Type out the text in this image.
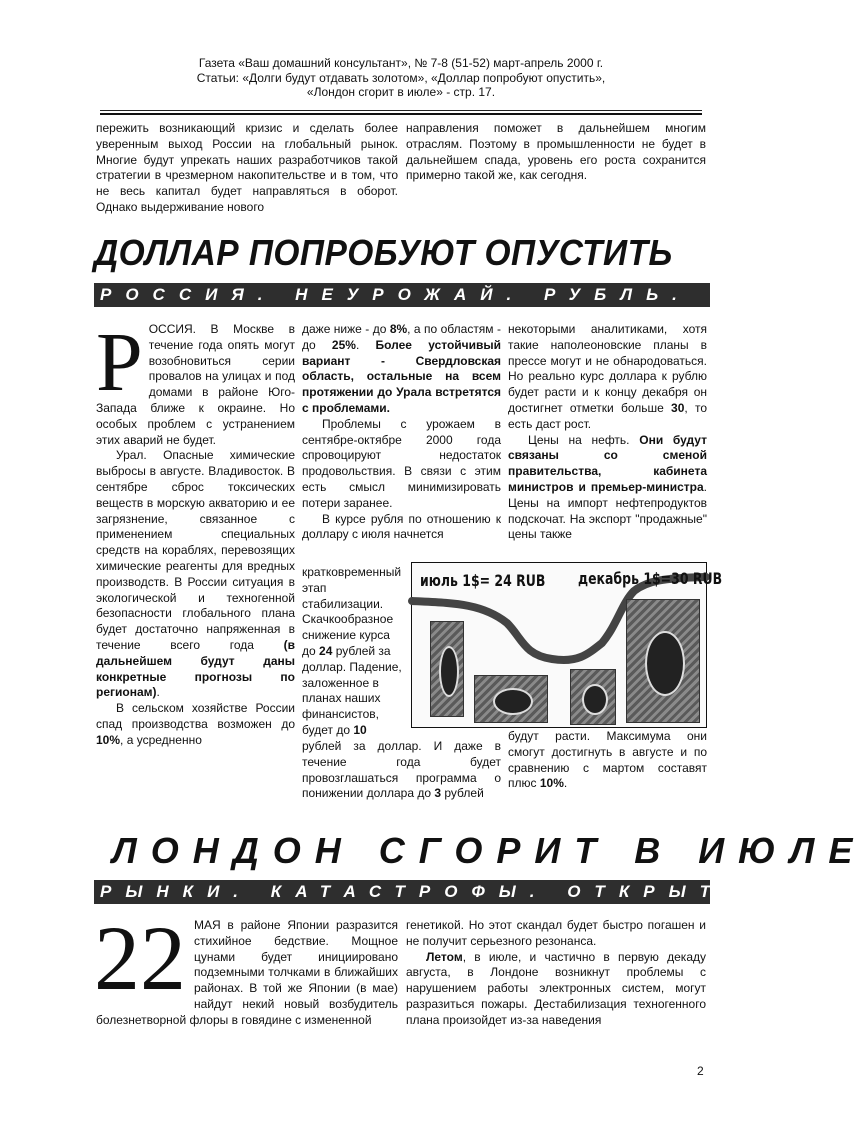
Газета «Ваш домашний консультант», № 7-8 (51-52) март-апрель 2000 г.
Статьи: «Долги будут отдавать золотом», «Доллар попробуют опустить»,
«Лондон сгорит в июле» - стр. 17.

пережить возникающий кризис и сделать более уверенным выход России на глобальный рынок. Многие будут упрекать наших разработчиков такой стратегии в чрезмерном накопительстве и в том, что не весь капитал будет направляться в оборот. Однако выдерживание нового

направления поможет в дальнейшем многим отраслям. Поэтому в промышленности не будет в дальнейшем спада, уровень его роста сохранится примерно такой же, как сегодня.

ДОЛЛАР ПОПРОБУЮТ ОПУСТИТЬ
РОССИЯ. НЕУРОЖАЙ. РУБЛЬ.

Р ОССИЯ. В Москве в течение года опять могут возобновиться серии провалов на улицах и под домами в районе Юго-Запада ближе к окраине. Но особых проблем с устранением этих аварий не будет.

Урал. Опасные химические выбросы в августе. Владивосток. В сентябре сброс токсических веществ в морскую акваторию и ее загрязнение, связанное с применением специальных средств на кораблях, перевозящих химические реагенты для вредных производств. В России ситуация в экологической и техногенной безопасности глобального плана будет достаточно напряженная в течение всего года (в дальнейшем будут даны конкретные прогнозы по регионам).

В сельском хозяйстве России спад производства возможен до 10%, а усредненно

даже ниже - до 8%, а по областям - до 25%. Более устойчивый вариант - Свердловская область, остальные на всем протяжении до Урала встретятся с проблемами.

Проблемы с урожаем в сентябре-октябре 2000 года спровоцируют недостаток продовольствия. В связи с этим есть смысл минимизировать потери заранее.

В курсе рубля по отношению к доллару с июля начнется

кратковременный этап стабилизации. Скачкообразное снижение курса до 24 рублей за доллар. Падение, заложенное в планах наших финансистов, будет до 10

рублей за доллар. И даже в течение года будет провозглашаться программа о понижении доллара до 3 рублей

некоторыми аналитиками, хотя такие наполеоновские планы в прессе могут и не обнародоваться. Но реально курс доллара к рублю будет расти и к концу декабря он достигнет отметки больше 30, то есть даст рост.

Цены на нефть. Они будут связаны со сменой правительства, кабинета министров и премьер-министра. Цены на импорт нефтепродуктов подскочат. На экспорт "продажные" цены также

будут расти. Максимума они смогут достигнуть в августе и по сравнению с мартом составят плюс 10%.

июль 1$= 24 RUB декабрь 1$=30 RUB
ЛОНДОН СГОРИТ В ИЮЛЕ
РЫНКИ. КАТАСТРОФЫ. ОТКРЫТИЯ

22 МАЯ в районе Японии разразится стихийное бедствие. Мощное цунами будет инициировано подземными толчками в ближайших районах. В той же Японии (в мае) найдут некий новый возбудитель болезнетворной флоры в говядине с измененной

генетикой. Но этот скандал будет быстро погашен и не получит серьезного резонанса.

Летом, в июле, и частично в первую декаду августа, в Лондоне возникнут проблемы с нарушением работы электронных систем, могут разразиться пожары. Дестабилизация техногенного плана произойдет из-за наведения

2
